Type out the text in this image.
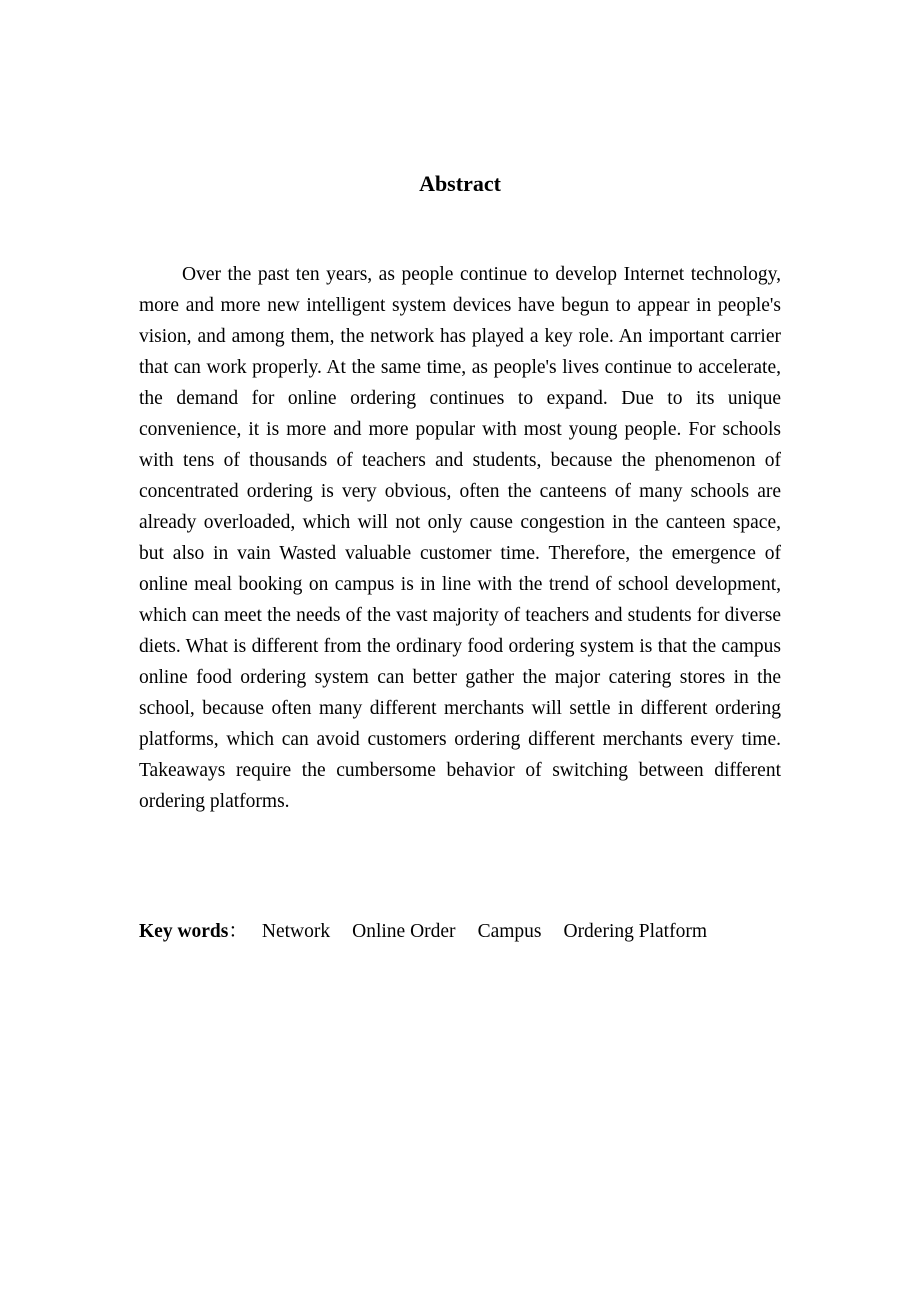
Abstract

Over the past ten years, as people continue to develop Internet technology, more and more new intelligent system devices have begun to appear in people's vision, and among them, the network has played a key role. An important carrier that can work properly. At the same time, as people's lives continue to accelerate, the demand for online ordering continues to expand. Due to its unique convenience, it is more and more popular with most young people. For schools with tens of thousands of teachers and students, because the phenomenon of concentrated ordering is very obvious, often the canteens of many schools are already overloaded, which will not only cause congestion in the canteen space, but also in vain Wasted valuable customer time. Therefore, the emergence of online meal booking on campus is in line with the trend of school development, which can meet the needs of the vast majority of teachers and students for diverse diets. What is different from the ordinary food ordering system is that the campus online food ordering system can better gather the major catering stores in the school, because often many different merchants will settle in different ordering platforms, which can avoid customers ordering different merchants every time. Takeaways require the cumbersome behavior of switching between different ordering platforms.

Key words： Network Online Order Campus Ordering Platform
